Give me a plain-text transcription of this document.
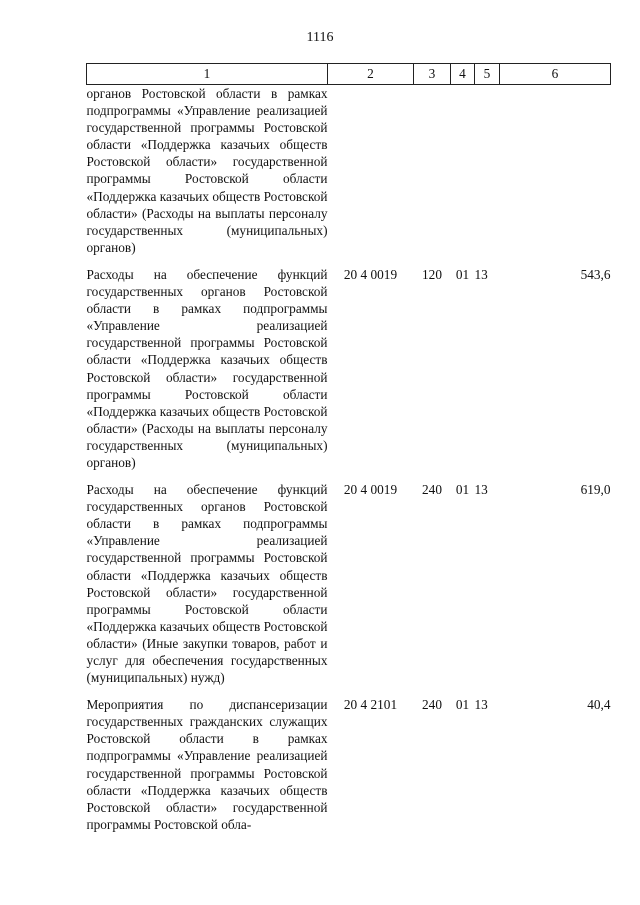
1116
1	2	3	4	5	6
органов Ростовской области в рамках подпрограммы «Управление реализацией государственной программы Ростовской области «Поддержка казачьих обществ Ростовской области» государственной программы Ростовской области «Поддержка казачьих обществ Ростовской области» (Расходы на выплаты персоналу государственных (муниципальных) органов)					
Расходы на обеспечение функций государственных органов Ростовской области в рамках подпрограммы «Управление реализацией государственной программы Ростовской области «Поддержка казачьих обществ Ростовской области» государственной программы Ростовской области «Поддержка казачьих обществ Ростовской области» (Расходы на выплаты персоналу государственных (муниципальных) органов)	20 4 0019	120	01	13	543,6
Расходы на обеспечение функций государственных органов Ростовской области в рамках подпрограммы «Управление реализацией государственной программы Ростовской области «Поддержка казачьих обществ Ростовской области» государственной программы Ростовской области «Поддержка казачьих обществ Ростовской области» (Иные закупки товаров, работ и услуг для обеспечения государственных (муниципальных) нужд)	20 4 0019	240	01	13	619,0
Мероприятия по диспансеризации государственных гражданских служащих Ростовской области в рамках подпрограммы «Управление реализацией государственной программы Ростовской области «Поддержка казачьих обществ Ростовской области» государственной программы Ростовской обла-	20 4 2101	240	01	13	40,4
